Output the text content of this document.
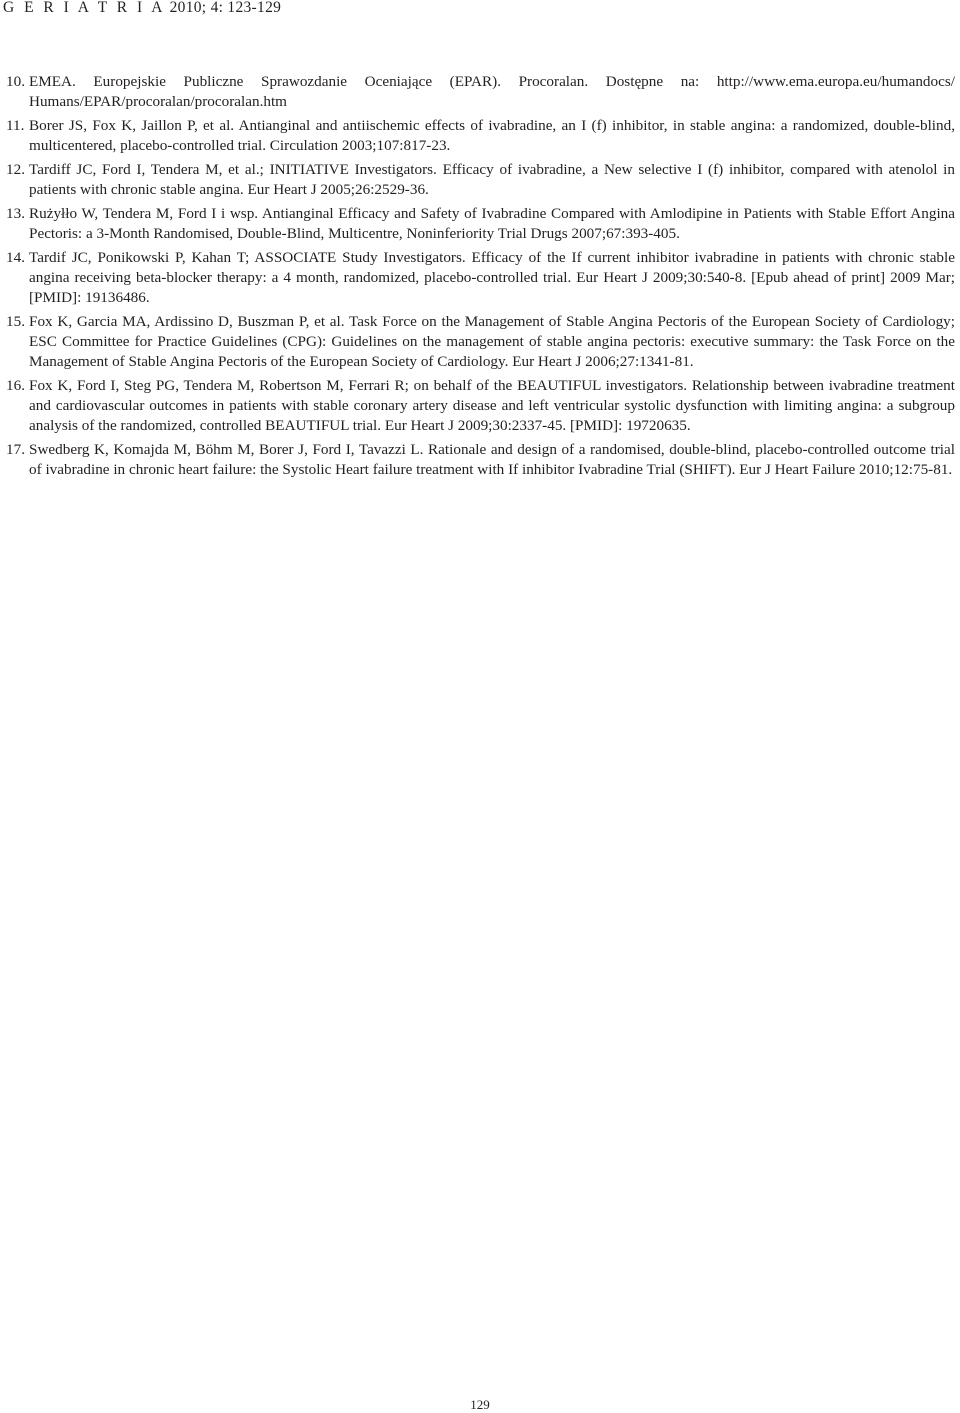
G E R I A T R I A 2010; 4: 123-129
10. EMEA. Europejskie Publiczne Sprawozdanie Oceniające (EPAR). Procoralan. Dostępne na: http://www.ema.europa.eu/humandocs/ Humans/EPAR/procoralan/procoralan.htm
11. Borer JS, Fox K, Jaillon P, et al. Antianginal and antiischemic effects of ivabradine, an I (f) inhibitor, in stable angina: a randomized, double-blind, multicentered, placebo-controlled trial. Circulation 2003;107:817-23.
12. Tardiff JC, Ford I, Tendera M, et al.; INITIATIVE Investigators. Efficacy of ivabradine, a New selective I (f) inhibitor, compared with atenolol in patients with chronic stable angina. Eur Heart J 2005;26:2529-36.
13. Rużyłło W, Tendera M, Ford I i wsp. Antianginal Efficacy and Safety of Ivabradine Compared with Amlodipine in Patients with Stable Effort Angina Pectoris: a 3-Month Randomised, Double-Blind, Multicentre, Noninferiority Trial Drugs 2007;67:393-405.
14. Tardif JC, Ponikowski P, Kahan T; ASSOCIATE Study Investigators. Efficacy of the If current inhibitor ivabradine in patients with chronic stable angina receiving beta-blocker therapy: a 4 month, randomized, placebo-controlled trial. Eur Heart J 2009;30:540-8. [Epub ahead of print] 2009 Mar; [PMID]: 19136486.
15. Fox K, Garcia MA, Ardissino D, Buszman P, et al. Task Force on the Management of Stable Angina Pectoris of the European Society of Cardiology; ESC Committee for Practice Guidelines (CPG): Guidelines on the management of stable angina pectoris: executive summary: the Task Force on the Management of Stable Angina Pectoris of the European Society of Cardiology. Eur Heart J 2006;27:1341-81.
16. Fox K, Ford I, Steg PG, Tendera M, Robertson M, Ferrari R; on behalf of the BEAUTIFUL investigators. Relationship between ivabradine treatment and cardiovascular outcomes in patients with stable coronary artery disease and left ventricular systolic dysfunction with limiting angina: a subgroup analysis of the randomized, controlled BEAUTIFUL trial. Eur Heart J 2009;30:2337-45. [PMID]: 19720635.
17. Swedberg K, Komajda M, Böhm M, Borer J, Ford I, Tavazzi L. Rationale and design of a randomised, double-blind, placebo-controlled outcome trial of ivabradine in chronic heart failure: the Systolic Heart failure treatment with If inhibitor Ivabradine Trial (SHIFT). Eur J Heart Failure 2010;12:75-81.
129
